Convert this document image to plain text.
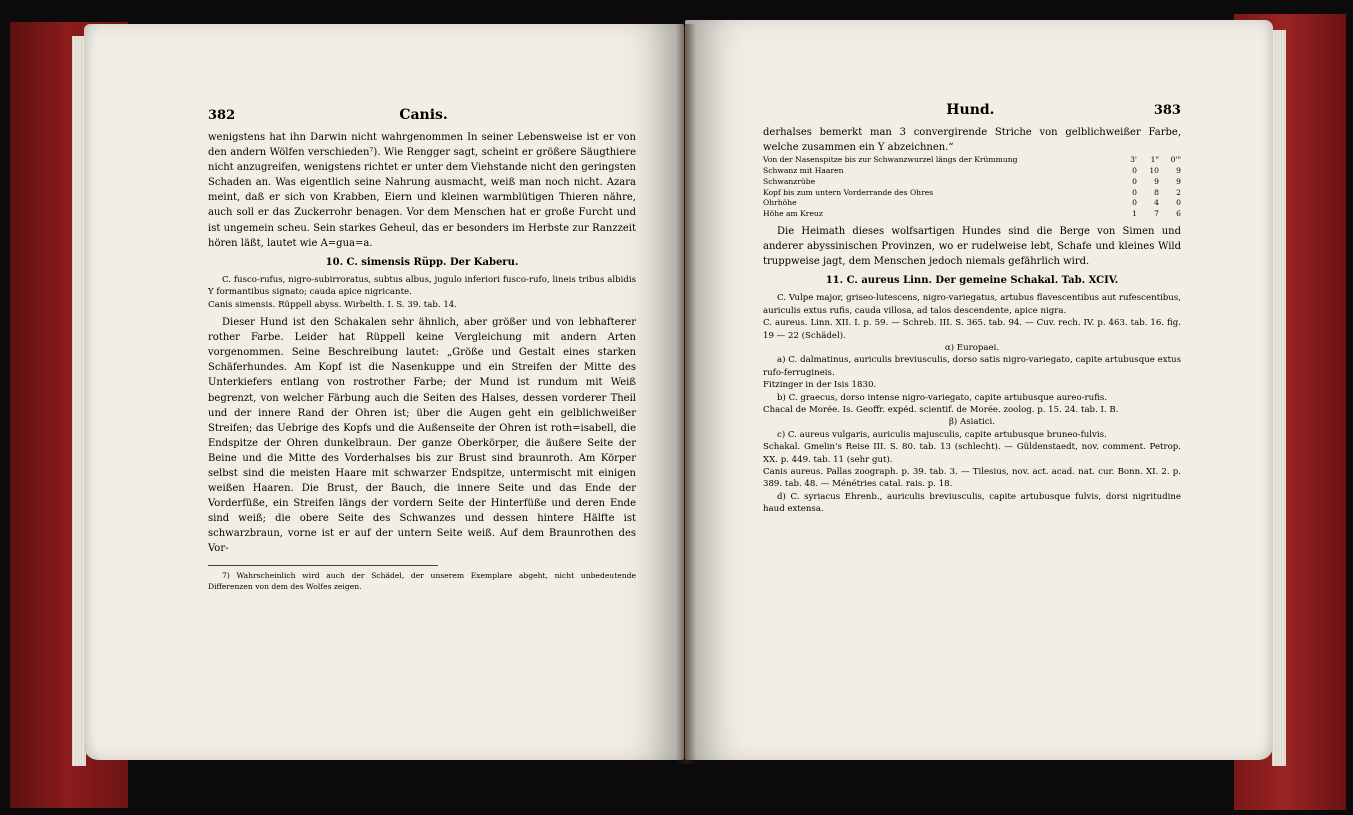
382	Canis.

wenigstens hat ihn Darwin nicht wahrgenommen In seiner Lebensweise ist er von den andern Wölfen verschieden⁷). Wie Rengger sagt, scheint er größere Säugthiere nicht anzugreifen, wenigstens richtet er unter dem Viehstande nicht den geringsten Schaden an. Was eigentlich seine Nahrung ausmacht, weiß man noch nicht. Azara meint, daß er sich von Krabben, Eiern und kleinen warmblütigen Thieren nähre, auch soll er das Zuckerrohr benagen. Vor dem Menschen hat er große Furcht und ist ungemein scheu. Sein starkes Geheul, das er besonders im Herbste zur Ranzzeit hören läßt, lautet wie A=gua=a.

10. C. simensis Rüpp. Der Kaberu.

C. fusco-rufus, nigro-subirroratus, subtus albus, jugulo inferiori fusco-rufo, lineis tribus albidis Y formantibus signato; cauda apice nigricante.

Canis simensis. Rüppell abyss. Wirbelth. I. S. 39. tab. 14.

Dieser Hund ist den Schakalen sehr ähnlich, aber größer und von lebhafterer rother Farbe. Leider hat Rüppell keine Vergleichung mit andern Arten vorgenommen. Seine Beschreibung lautet: „Größe und Gestalt eines starken Schäferhundes. Am Kopf ist die Nasenkuppe und ein Streifen der Mitte des Unterkiefers entlang von rostrother Farbe; der Mund ist rundum mit Weiß begrenzt, von welcher Färbung auch die Seiten des Halses, dessen vorderer Theil und der innere Rand der Ohren ist; über die Augen geht ein gelblichweißer Streifen; das Uebrige des Kopfs und die Außenseite der Ohren ist roth=isabell, die Endspitze der Ohren dunkelbraun. Der ganze Oberkörper, die äußere Seite der Beine und die Mitte des Vorderhalses bis zur Brust sind braunroth. Am Körper selbst sind die meisten Haare mit schwarzer Endspitze, untermischt mit einigen weißen Haaren. Die Brust, der Bauch, die innere Seite und das Ende der Vorderfüße, ein Streifen längs der vordern Seite der Hinterfüße und deren Ende sind weiß; die obere Seite des Schwanzes und dessen hintere Hälfte ist schwarzbraun, vorne ist er auf der untern Seite weiß. Auf dem Braunrothen des Vor-

7) Wahrscheinlich wird auch der Schädel, der unserem Exemplare abgeht, nicht unbedeutende Differenzen von dem des Wolfes zeigen.

Hund.	383

derhalses bemerkt man 3 convergirende Striche von gelblichweißer Farbe, welche zusammen ein Y abzeichnen.“

Von der Nasenspitze bis zur Schwanzwurzel längs der Krümmung	3'	1"	0'"
Schwanz mit Haaren	0	10	9
Schwanzrübe	0	9	9
Kopf bis zum untern Vorderrande des Ohres	0	8	2
Ohrhöhe	0	4	0
Höhe am Kreuz	1	7	6

Die Heimath dieses wolfsartigen Hundes sind die Berge von Simen und anderer abyssinischen Provinzen, wo er rudelweise lebt, Schafe und kleines Wild truppweise jagt, dem Menschen jedoch niemals gefährlich wird.

11. C. aureus Linn. Der gemeine Schakal. Tab. XCIV.

C. Vulpe major, griseo-lutescens, nigro-variegatus, artubus flavescentibus aut rufescentibus, auriculis extus rufis, cauda villosa, ad talos descendente, apice nigra.

C. aureus. Linn. XII. I. p. 59. — Schreb. III. S. 365. tab. 94. — Cuv. rech. IV. p. 463. tab. 16. fig. 19 — 22 (Schädel).

α) Europaei.

a) C. dalmatinus, auriculis breviusculis, dorso satis nigro-variegato, capite artubusque extus rufo-ferrugineis.

Fitzinger in der Isis 1830.

b) C. graecus, dorso intense nigro-variegato, capite artubusque aureo-rufis.

Chacal de Morée. Is. Geoffr. expéd. scientif. de Morée. zoolog. p. 15. 24. tab. I. B.

β) Asiatici.

c) C. aureus vulgaris, auriculis majusculis, capite artubusque bruneo-fulvis.

Schakal. Gmelin's Reise III. S. 80. tab. 13 (schlecht). — Güldenstaedt, nov. comment. Petrop. XX. p. 449. tab. 11 (sehr gut).

Canis aureus. Pallas zoograph. p. 39. tab. 3. — Tilesius, nov. act. acad. nat. cur. Bonn. XI. 2. p. 389. tab. 48. — Ménétries catal. rais. p. 18.

d) C. syriacus Ehrenb., auriculis breviusculis, capite artubusque fulvis, dorsi nigritudine haud extensa.
